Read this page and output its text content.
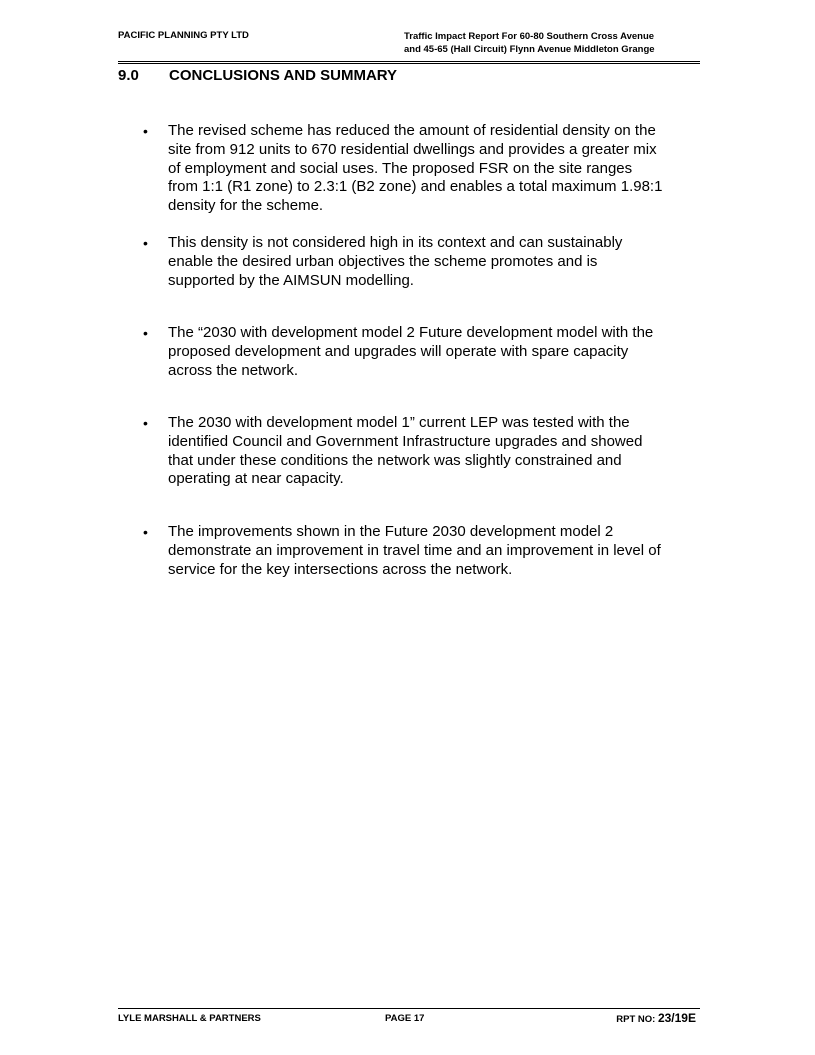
PACIFIC PLANNING PTY LTD	Traffic Impact Report For 60-80 Southern Cross Avenue
and 45-65 (Hall Circuit) Flynn Avenue Middleton Grange
9.0 CONCLUSIONS AND SUMMARY
• The revised scheme has reduced the amount of residential density on the
site from 912 units to 670 residential dwellings and provides a greater mix
of employment and social uses. The proposed FSR on the site ranges
from 1:1 (R1 zone) to 2.3:1 (B2 zone) and enables a total maximum 1.98:1
density for the scheme.
• This density is not considered high in its context and can sustainably
enable the desired urban objectives the scheme promotes and is
supported by the AIMSUN modelling.
• The “2030 with development model 2 Future development model with the
proposed development and upgrades will operate with spare capacity
across the network.
• The 2030 with development model 1” current LEP was tested with the
identified Council and Government Infrastructure upgrades and showed
that under these conditions the network was slightly constrained and
operating at near capacity.
• The improvements shown in the Future 2030 development model 2
demonstrate an improvement in travel time and an improvement in level of
service for the key intersections across the network.
LYLE MARSHALL & PARTNERS	PAGE 17	RPT NO: 23/19E
